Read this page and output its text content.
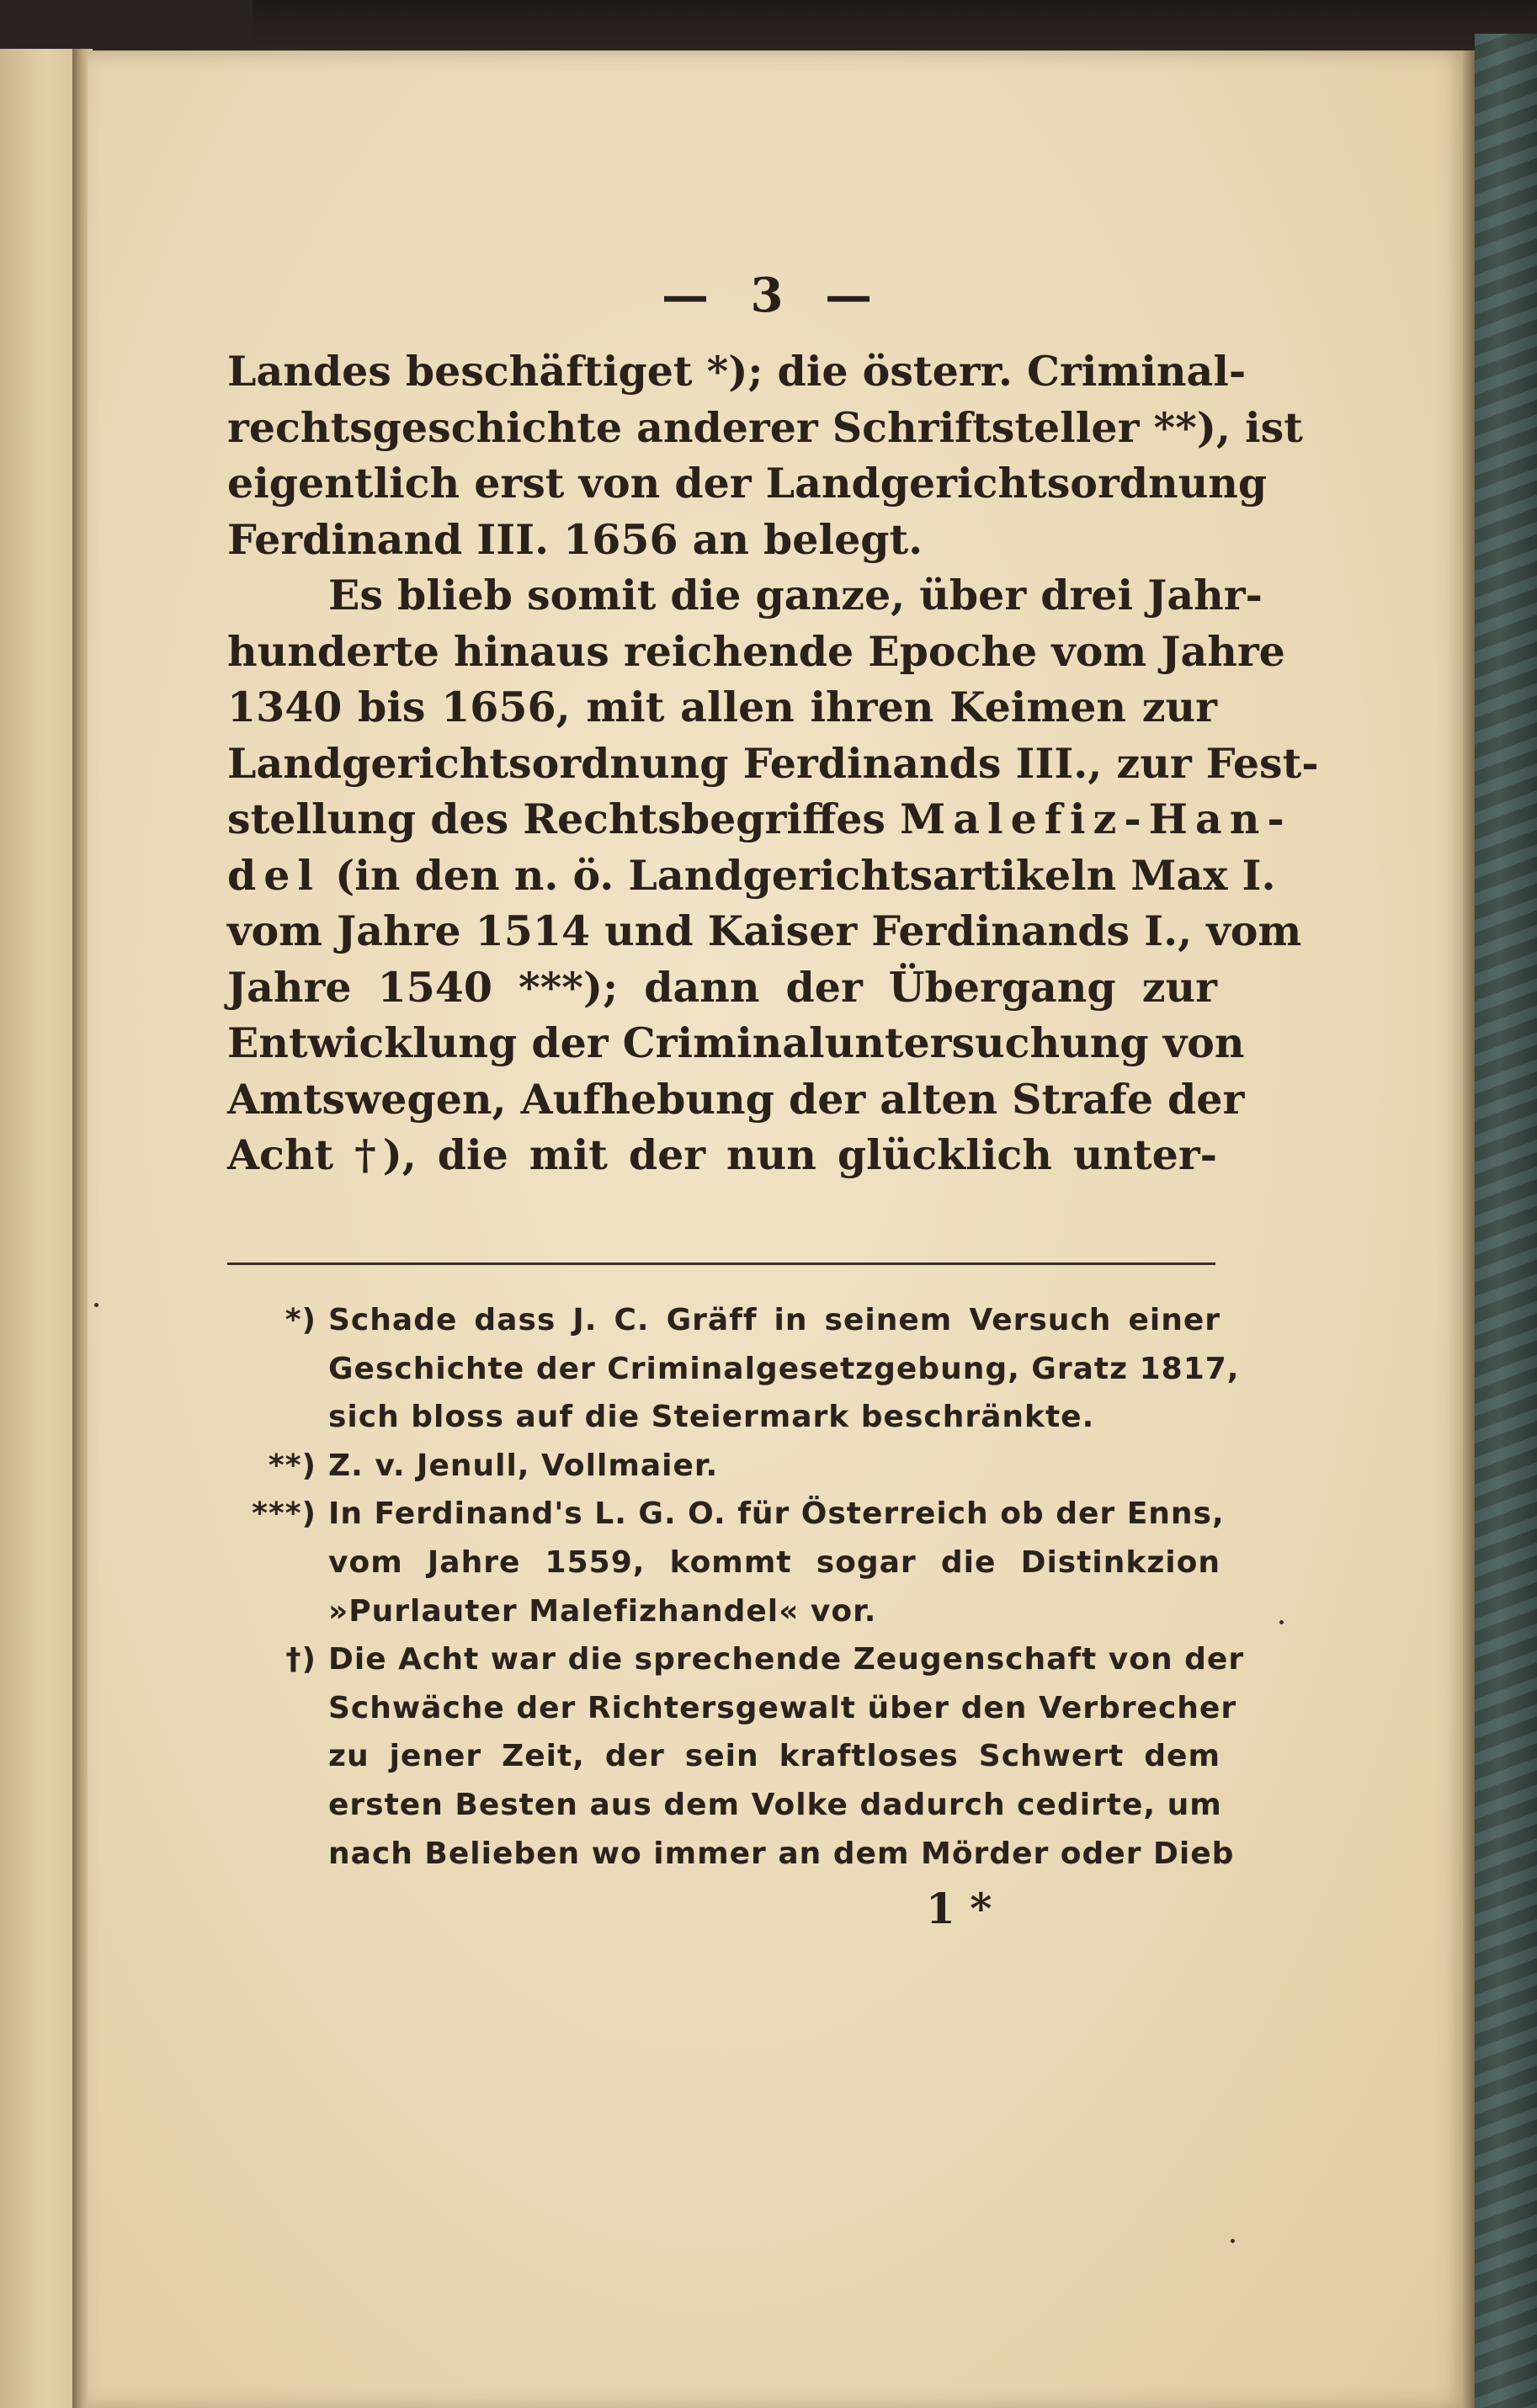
— 3 —
Landes beschäftiget *); die österr. Criminal-
rechtsgeschichte anderer Schriftsteller **), ist
eigentlich erst von der Landgerichtsordnung
Ferdinand III. 1656 an belegt.
Es blieb somit die ganze, über drei Jahr-
hunderte hinaus reichende Epoche vom Jahre
1340 bis 1656, mit allen ihren Keimen zur
Landgerichtsordnung Ferdinands III., zur Fest-
stellung des Rechtsbegriffes Malefiz-Han-
del (in den n. ö. Landgerichtsartikeln Max I.
vom Jahre 1514 und Kaiser Ferdinands I., vom
Jahre 1540 ***); dann der Übergang zur
Entwicklung der Criminaluntersuchung von
Amtswegen, Aufhebung der alten Strafe der
Acht †), die mit der nun glücklich unter-
*) Schade dass J. C. Gräff in seinem Versuch einer
Geschichte der Criminalgesetzgebung, Gratz 1817,
sich bloss auf die Steiermark beschränkte.
**) Z. v. Jenull, Vollmaier.
***) In Ferdinand's L. G. O. für Österreich ob der Enns,
vom Jahre 1559, kommt sogar die Distinkzion
»Purlauter Malefizhandel« vor.
†) Die Acht war die sprechende Zeugenschaft von der
Schwäche der Richtersgewalt über den Verbrecher
zu jener Zeit, der sein kraftloses Schwert dem
ersten Besten aus dem Volke dadurch cedirte, um
nach Belieben wo immer an dem Mörder oder Dieb
1 *
